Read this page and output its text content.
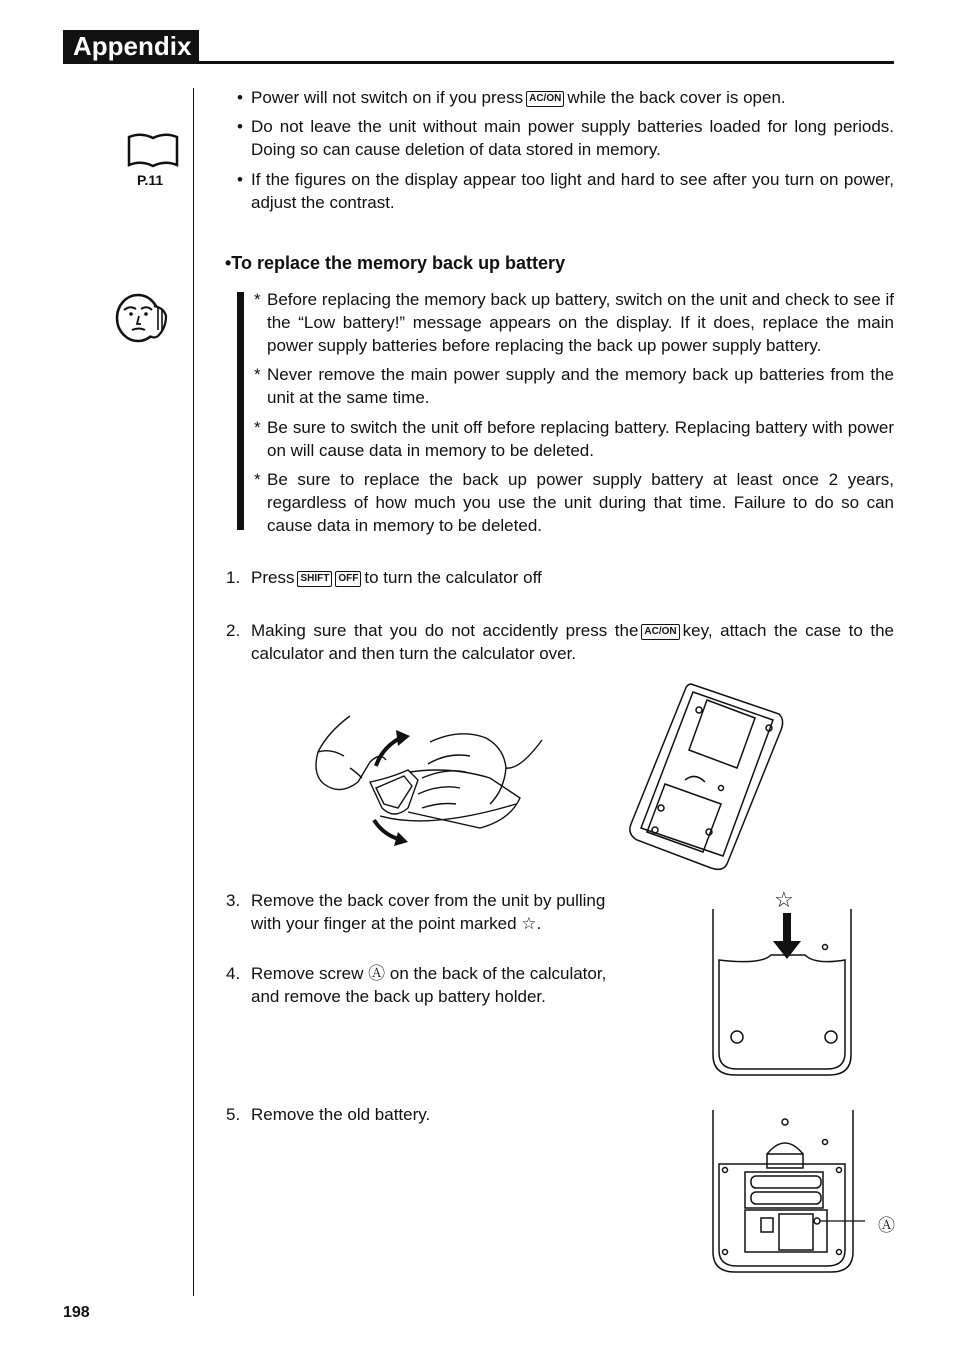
Appendix
P.11
• Power will not switch on if you press AC/ON while the back cover is open.
• Do not leave the unit without main power supply batteries loaded for long periods. Doing so can cause deletion of data stored in memory.
• If the figures on the display appear too light and hard to see after you turn on power, adjust the contrast.
•To replace the memory back up battery
* Before replacing the memory back up battery, switch on the unit and check to see if the “Low battery!” message appears on the display. If it does, replace the main power supply batteries before replacing the back up power supply battery.
* Never remove the main power supply and the memory back up batteries from the unit at the same time.
* Be sure to switch the unit off before replacing battery. Replacing battery with power on will cause data in memory to be deleted.
* Be sure to replace the back up power supply battery at least once 2 years, regardless of how much you use the unit during that time. Failure to do so can cause data in memory to be deleted.
1. Press SHIFT OFF to turn the calculator off
2. Making sure that you do not accidently press the AC/ON key, attach the case to the calculator and then turn the calculator over.
3. Remove the back cover from the unit by pulling with your finger at the point marked ☆.
4. Remove screw Ⓐ on the back of the calculator, and remove the back up battery holder.
☆
5. Remove the old battery.
Ⓐ
198
